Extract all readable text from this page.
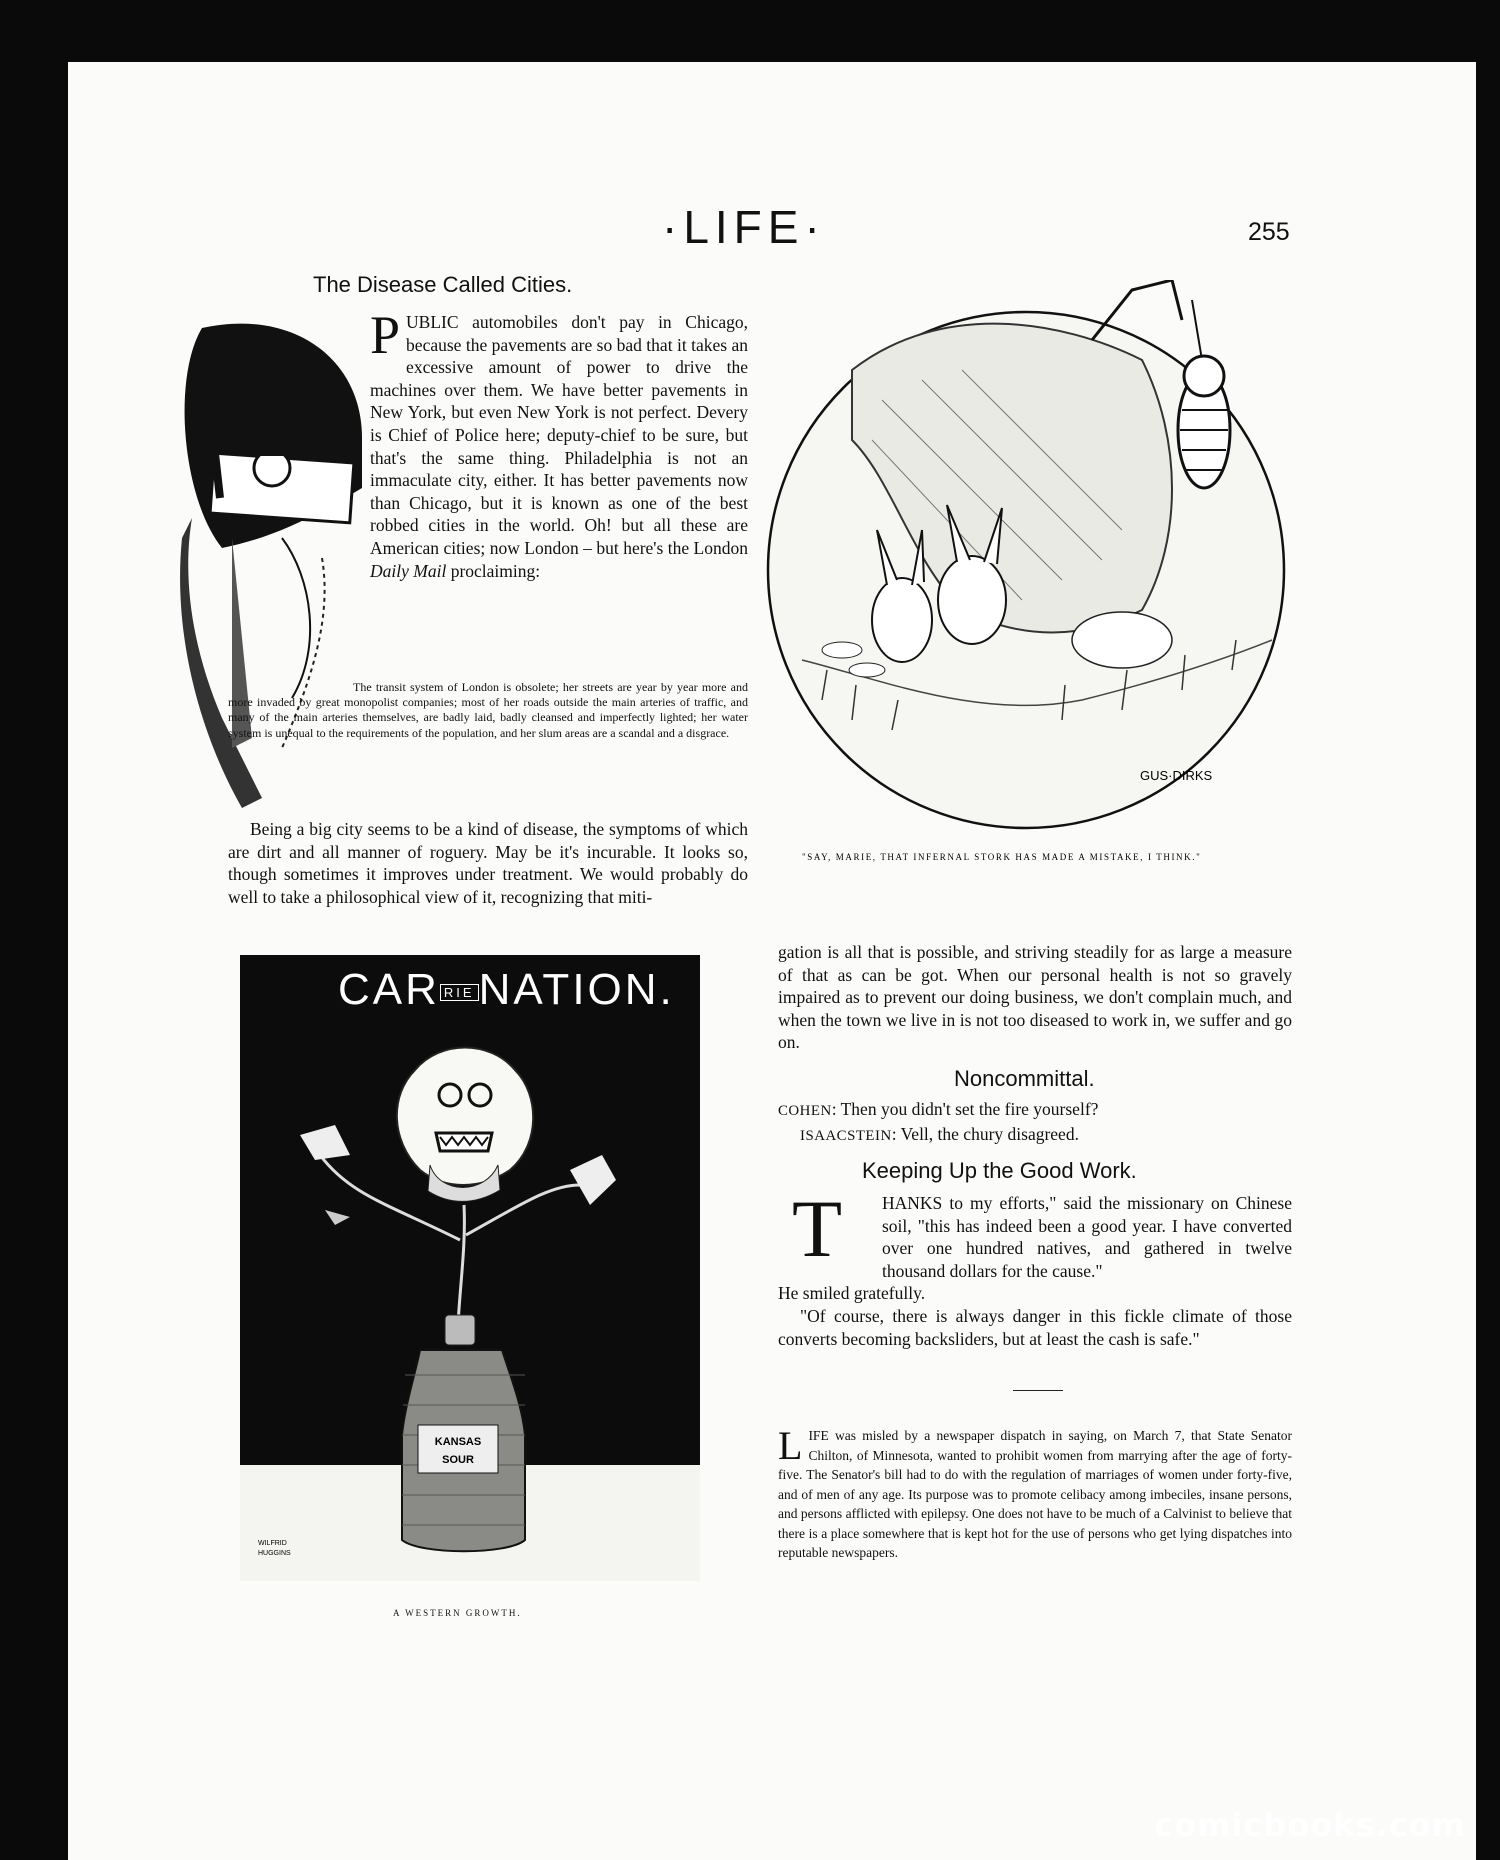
·LIFE·	255
The Disease Called Cities.
PUBLIC automobiles don't pay in Chicago, because the pavements are so bad that it takes an excessive amount of power to drive the machines over them. We have better pavements in New York, but even New York is not perfect. Devery is Chief of Police here; deputy-chief to be sure, but that's the same thing. Philadelphia is not an immaculate city, either. It has better pavements now than Chicago, but it is known as one of the best robbed cities in the world. Oh! but all these are American cities; now London – but here's the London Daily Mail proclaiming:
The transit system of London is obsolete; her streets are year by year more and more invaded by great monopolist companies; most of her roads outside the main arteries of traffic, and many of the main arteries themselves, are badly laid, badly cleansed and imperfectly lighted; her water system is unequal to the requirements of the population, and her slum areas are a scandal and a disgrace.
Being a big city seems to be a kind of disease, the symptoms of which are dirt and all manner of roguery. May be it's incurable. It looks so, though sometimes it improves under treatment. We would probably do well to take a philosophical view of it, recognizing that miti-
GUS·DIRKS
"SAY, MARIE, THAT INFERNAL STORK HAS MADE A MISTAKE, I THINK."
CAR RIENATION.
KANSAS
SOUR
WILFRID
HUGGINS
A WESTERN GROWTH.
gation is all that is possible, and striving steadily for as large a measure of that as can be got. When our personal health is not so gravely impaired as to prevent our doing business, we don't complain much, and when the town we live in is not too diseased to work in, we suffer and go on.
Noncommittal.

COHEN: Then you didn't set the fire yourself?

ISAACSTEIN: Vell, the chury disagreed.

Keeping Up the Good Work.

T HANKS to my efforts," said the missionary on Chinese soil, "this has indeed been a good year. I have converted over one hundred natives, and gathered in twelve thousand dollars for the cause."

He smiled gratefully.

"Of course, there is always danger in this fickle climate of those converts becoming backsliders, but at least the cash is safe."

LIFE was misled by a newspaper dispatch in saying, on March 7, that State Senator Chilton, of Minnesota, wanted to prohibit women from marrying after the age of forty-five. The Senator's bill had to do with the regulation of marriages of women under forty-five, and of men of any age. Its purpose was to promote celibacy among imbeciles, insane persons, and persons afflicted with epilepsy. One does not have to be much of a Calvinist to believe that there is a place somewhere that is kept hot for the use of persons who get lying dispatches into reputable newspapers.
comicbooks.com
